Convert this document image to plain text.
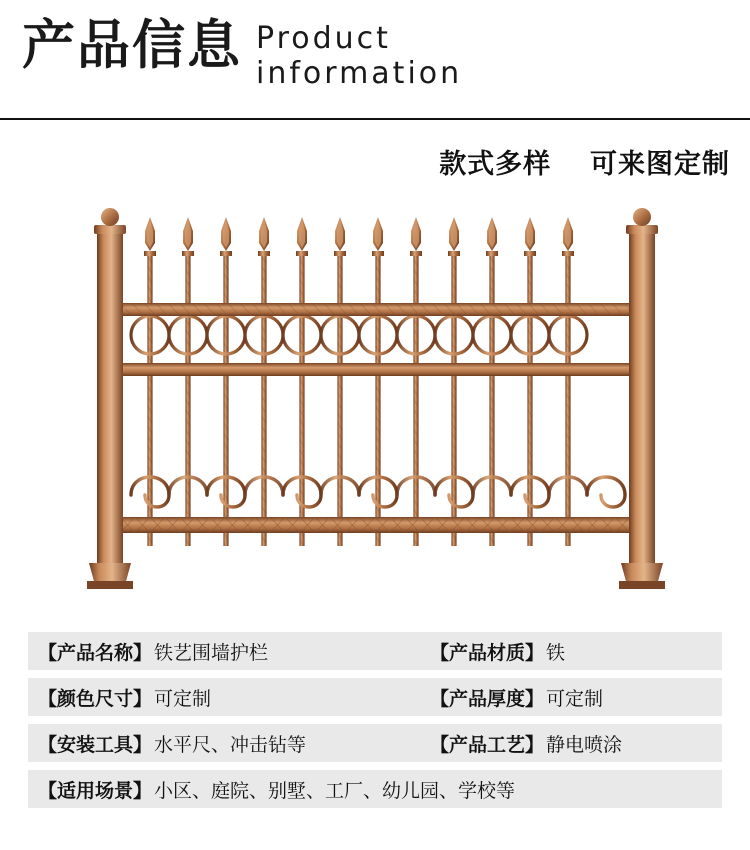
产品信息 Product
information
款式多样 可来图定制
【产品名称】 铁艺围墙护栏	【产品材质】 铁
【颜色尺寸】 可定制	【产品厚度】 可定制
【安装工具】 水平尺、冲击钻等	【产品工艺】 静电喷涂
【适用场景】 小区、庭院、别墅、工厂、幼儿园、学校等
